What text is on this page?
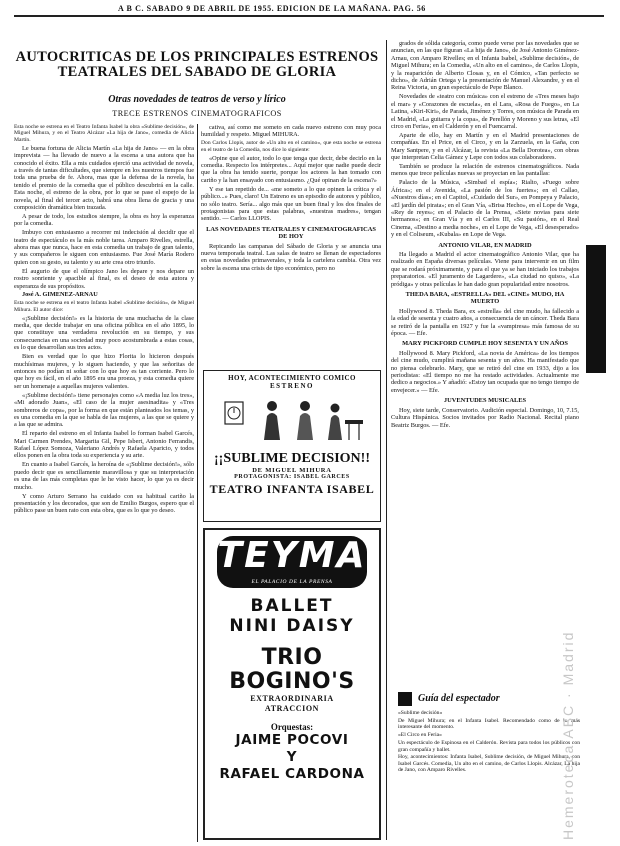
A B C. SABADO 9 DE ABRIL DE 1955. EDICION DE LA MAÑANA. PAG. 56
AUTOCRITICAS DE LOS PRINCIPALES ESTRENOS TEATRALES DEL SABADO DE GLORIA
Otras novedades de teatros de verso y lírico
TRECE ESTRENOS CINEMATOGRAFICOS

Esta noche se estrena en el Teatro Infanta Isabel la obra «Sublime decisión», de Miguel Mihura, y en el Teatro Alcázar «La hija de Jano», comedia de Alicia Martín.

Le buena fortuna de Alicia Martín «La hija de Jano» — en la obra imprevista — ha llevado de nuevo a la escena a una autora que ha conocido el éxito. Ella a mis cuidados ejerció una actividad de novela, a través de tantas dificultades, que siempre en los nuestros tiempos fue toda una prueba de fe. Ahora, mas que la defensa de la novela, ha tenido el premio de la comedia que el público descubrirá en la calle. Esta noche, el estreno de la obra, por lo que se pase el espejo de la novela, al final del tercer acto, habrá una obra llena de gracia y una composición dramática bien trazada.

A pesar de todo, los estudios siempre, la obra es hoy la esperanza por la comedia.

Imbuyo con entusiasmo a recorrer mi indecisión al decidir que el teatro de espectáculo es la más noble tarea. Amparo Rivelles, estrella, ahora mas que nunca, hace en esta comedia un trabajo de gran talento, y sus compañeros le siguen con entusiasmo. Fue José María Rodero quien con su gesto, su talento y su arte crea otro triunfo.

El augurio de que el olímpico Jano les depare y nos depare un rostro sonriente y apacible al final, es el deseo de esta autora y esperanza de sus propósitos.

José A. GIMENEZ-ARNAU

Esta noche se estrena en el teatro Infanta Isabel «Sublime decisión», de Miguel Mihura. El autor dice:

«¡Sublime decisión!» es la historia de una muchacha de la clase media, que decide trabajar en una oficina pública en el año 1895, lo que constituye una verdadera revolución en su tiempo, y sus consecuencias en una sociedad muy poco acostumbrada a estas cosas, es lo que desarrollan sus tres actos.

Bien es verdad que lo que hizo Florita lo hicieron después muchísimas mujeres, y lo siguen haciendo, y que las señoritas de entonces no podían ni soñar con lo que hoy es tan corriente. Pero lo que hoy es fácil, en el año 1895 era una proeza, y esta comedia quiere ser un homenaje a aquellas mujeres valientes.

«¡Sublime decisión!» tiene personajes como «A media luz los tres», «Mi adorado Juan», «El caso de la mujer asesinadita» y «Tres sombreros de copa», por la forma en que están planteados los temas, y es una comedia en la que se habla de las mujeres, a las que se quiere y a las que se admira.

El reparto del estreno en el Infanta Isabel lo forman Isabel Garcés, Mari Carmen Prendes, Margarita Gil, Pepe Isbert, Antonio Ferrandis, Rafael López Somoza, Valeriano Andrés y Rafaela Aparicio, y todos ellos ponen en la obra toda su experiencia y su arte.

En cuanto a Isabel Garcés, la heroína de «¡Sublime decisión!», sólo puedo decir que es sencillamente maravillosa y que su interpretación es una de las más completas que le he visto hacer, lo que ya es decir mucho.

Y como Arturo Serrano ha cuidado con su habitual cariño la presentación y los decorados, que son de Emilio Burgos, espero que el público pase un buen rato con esta obra, que es lo que yo deseo.

cativa, así como me someto en cada nuevo estreno con muy poca humildad y respeto. Miguel MIHURA.

Don Carlos Llopis, autor de «Un alto en el camino», que esta noche se estrena en el teatro de la Comedia, nos dice lo siguiente:

«Opine que el autor, todo lo que tenga que decir, debe decirlo en la comedia. Respecto los intérpretes... Aquí mejor que nadie puede decir que la obra ha tenido suerte, porque los actores la han tomado con cariño y la han ensayado con entusiasmo. ¿Qué opinan de la escena?»

Y ese tan repetido de... «me someto a lo que opinen la crítica y el público...» Pues, claro! Un Estreno es un episodio de autores y público, no sólo teatro. Sería... algo más que un buen final y los dos finales de protagonistas para que estas palabras, «nuestras madres», tengan sentido. — Carlos LLOPIS.

LAS NOVEDADES TEATRALES Y CINEMATOGRAFICAS DE HOY

Repicando las campanas del Sábado de Gloria y se anuncia una nueva temporada teatral. Las salas de teatro se llenan de espectadores en estas novedades primaverales, y toda la cartelera cambia. Otra vez sobre la escena una crisis de tipo económico, pero no

HOY, ACONTECIMIENTO COMICO
ESTRENO
¡¡SUBLIME DECISION!!
DE MIGUEL MIHURA
PROTAGONISTA: ISABEL GARCES
TEATRO INFANTA ISABEL
TEYMA
EL PALACIO DE LA PRENSA
BALLET
NINI DAISY
TRIO BOGINO'S
EXTRAORDINARIA
ATRACCION
Orquestas:
JAIME POCOVI
Y
RAFAEL CARDONA

grados de sólida categoría, como puede verse por las novedades que se anuncian, en las que figuran «La hija de Jano», de José Antonio Giménez-Arnau, con Amparo Rivelles; en el Infanta Isabel, «Sublime decisión», de Miguel Mihura; en la Comedia, «Un alto en el camino», de Carlos Llopis, y la reaparición de Alberto Closas y, en el Cómico, «Tan perfecto se dicho», de Adrián Ortega y la presentación de Manuel Alexandre, y en el Reina Victoria, un gran espectáculo de Pepe Blanco.

Novedades de «teatro con música» con el estreno de «Tres meses bajo el mar» y «Corazones de escuela», en el Lara, «Rosa de Fuego», en La Latina, «Kiri-Kiri», de Parada, Jiménez y Torres, con música de Parada en el Madrid, «La guitarra y la copa», de Perellón y Moreno y sus letras, «El circo en Feria», en el Calderón y en el Fuencarral.

Aparte de ello, hay en Martín y en el Madrid presentaciones de compañías. En el Price, en el Circo, y en la Zarzuela, en la Gaña, con Mary Santpere, y en el Alcázar, la revista «La Bella Dorotea», con obras que interpretan Celia Gámez y Lepe con todos sus colaboradores.

También se produce la relación de estrenos cinematográficos. Nada menos que trece películas nuevas se proyectan en las pantallas:

Palacio de la Música, «Simbad el espía»; Rialto, «Fuego sobre África»; en el Avenida, «La pasión de los fuertes»; en el Callao, «Nuestros días»; en el Capitol, «Cuidado del Sur», en Pompeya y Palacio, «El jardín del pirata»; en el Gran Vía, «Brisa Hecho», en el Lope de Vega, «Rey de reyes»; en el Palacio de la Prensa, «Siete novias para siete hermanos»; en Gran Vía y en el Carlos III, «Su pasión», en el Real Cinema, «Destino a media noche», en el Lope de Vega, «El desesperado» y en el Coliseum, «Kubala» en Lope de Vega.

ANTONIO VILAR, EN MADRID

Ha llegado a Madrid el actor cinematográfico Antonio Vilar, que ha realizado en España diversas películas. Viene para intervenir en un film que se rodará próximamente, y para el que ya se han iniciado los trabajos preparatorios. «El juramento de Lagardere», «La ciudad no quiso», «La pródiga» y otras películas le han dado gran popularidad entre nosotros.

THEDA BARA, «ESTRELLA» DEL «CINE» MUDO, HA MUERTO

Hollywood 8. Theda Bara, ex «estrella» del cine mudo, ha fallecido a la edad de sesenta y cuatro años, a consecuencia de un cáncer. Theda Bara se retiró de la pantalla en 1927 y fue la «vampiresa» más famosa de su época. — Efe.

MARY PICKFORD CUMPLE HOY SESENTA Y UN AÑOS

Hollywood 8. Mary Pickford, «La novia de América» de los tiempos del cine mudo, cumplirá mañana sesenta y un años. Ha manifestado que no piensa celebrarlo. Mary, que se retiró del cine en 1933, dijo a los periodistas: «El tiempo no me ha restado actividades. Actualmente me dedico a negocios.» Y añadió: «Estoy tan ocupada que no tengo tiempo de envejecer.» — Efe.

JUVENTUDES MUSICALES

Hoy, siete tarde, Conservatorio. Audición especial. Domingo, 10, 7.15, Cultura Hispánica. Socios invitados por Radio Nacional. Recital piano Beatriz Burgos. — Efe.

Guía del espectador

«Sublime decisión»

De Miguel Mihura; en el Infanta Isabel. Recomendado como de lo más interesante del momento.

«El Circo en Feria»

Un espectáculo de Espinosa en el Calderón. Revista para todos los públicos con gran compañía y ballet.

Hoy, acontecimientos: Infanta Isabel, Sublime decisión, de Miguel Mihura, con Isabel Garcés. Comedia, Un alto en el camino, de Carlos Llopis. Alcázar, La hija de Jano, con Amparo Rivelles.	Hemeroteca ABC · Madrid
